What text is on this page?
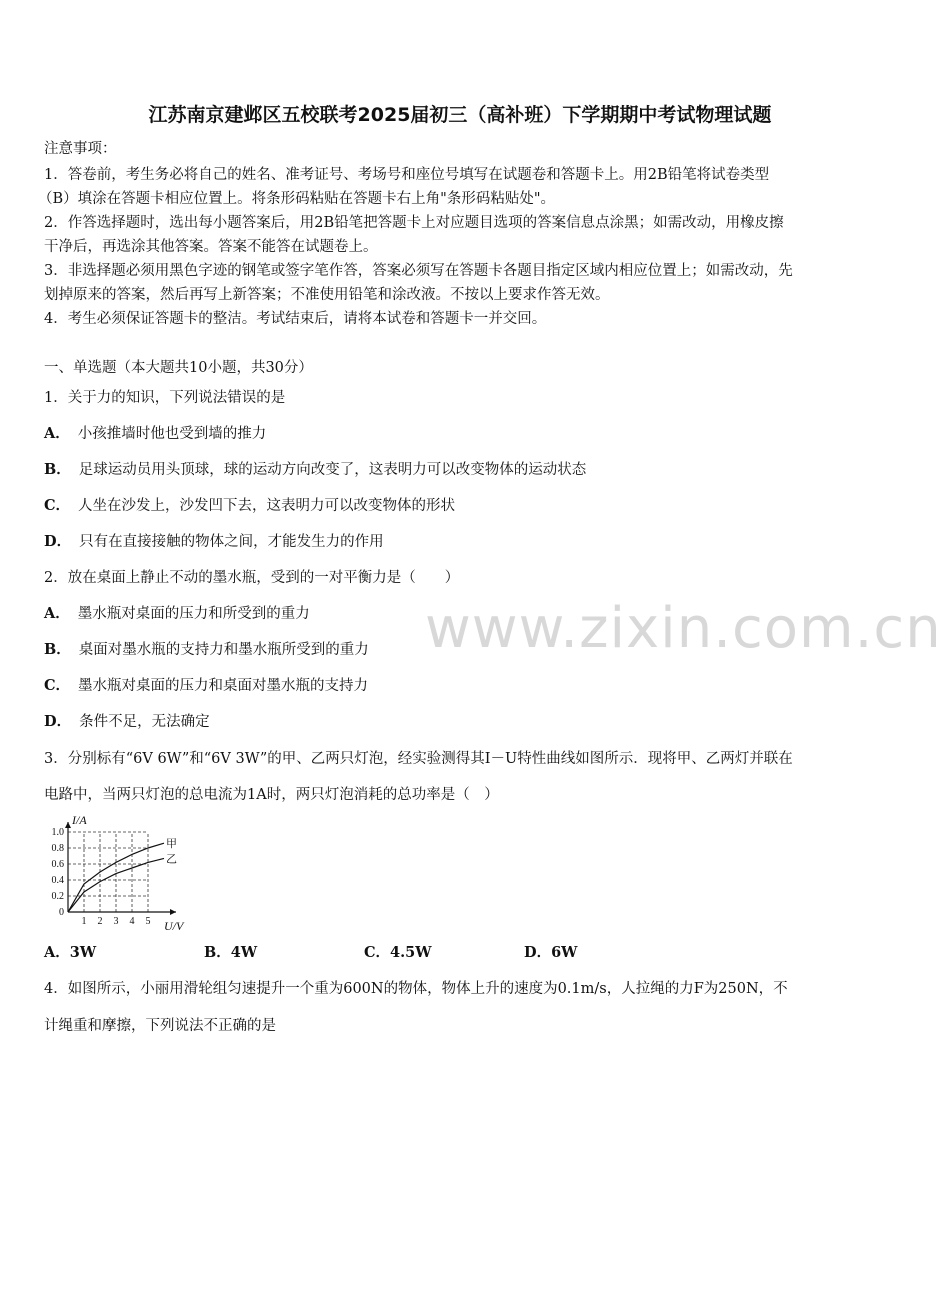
江苏南京建邺区五校联考2025届初三（高补班）下学期期中考试物理试题
注意事项：
1．答卷前，考生务必将自己的姓名、准考证号、考场号和座位号填写在试题卷和答题卡上。用2B铅笔将试卷类型
（B）填涂在答题卡相应位置上。将条形码粘贴在答题卡右上角"条形码粘贴处"。
2．作答选择题时，选出每小题答案后，用2B铅笔把答题卡上对应题目选项的答案信息点涂黑；如需改动，用橡皮擦
干净后，再选涂其他答案。答案不能答在试题卷上。
3．非选择题必须用黑色字迹的钢笔或签字笔作答，答案必须写在答题卡各题目指定区域内相应位置上；如需改动，先
划掉原来的答案，然后再写上新答案；不准使用铅笔和涂改液。不按以上要求作答无效。
4．考生必须保证答题卡的整洁。考试结束后，请将本试卷和答题卡一并交回。
一、单选题（本大题共10小题，共30分）
1．关于力的知识，下列说法错误的是
A． 小孩推墙时他也受到墙的推力
B． 足球运动员用头顶球，球的运动方向改变了，这表明力可以改变物体的运动状态
C． 人坐在沙发上，沙发凹下去，这表明力可以改变物体的形状
D． 只有在直接接触的物体之间，才能发生力的作用
2．放在桌面上静止不动的墨水瓶，受到的一对平衡力是（　　）
A． 墨水瓶对桌面的压力和所受到的重力
B． 桌面对墨水瓶的支持力和墨水瓶所受到的重力
C． 墨水瓶对桌面的压力和桌面对墨水瓶的支持力
D． 条件不足，无法确定
www.zixin.com.cn
3．分别标有“6V 6W”和“6V 3W”的甲、乙两只灯泡，经实验测得其I－U特性曲线如图所示．现将甲、乙两灯并联在
电路中，当两只灯泡的总电流为1A时，两只灯泡消耗的总功率是（　）
1 2 3 4 5
0
0.2
0.4
0.6
0.8
1.0
I/A
U/V
甲
乙
A．3W	B．4W	C．4.5W	D．6W
4．如图所示，小丽用滑轮组匀速提升一个重为600N的物体，物体上升的速度为0.1m/s，人拉绳的力F为250N，不
计绳重和摩擦，下列说法不正确的是
